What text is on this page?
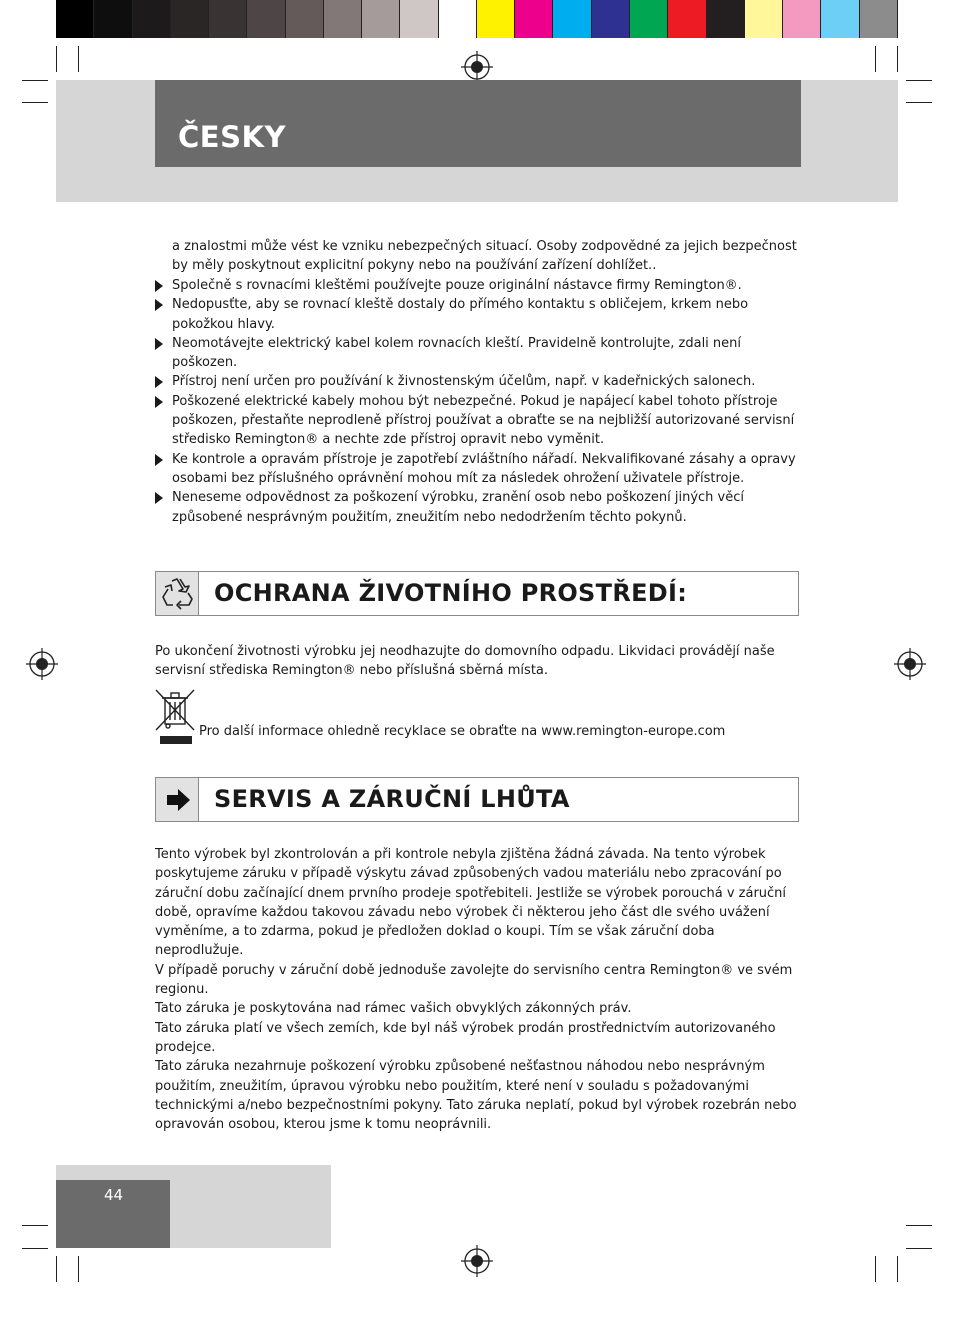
ČESKY

a znalostmi může vést ke vzniku nebezpečných situací. Osoby zodpovědné za jejich bezpečnost by měly poskytnout explicitní pokyny nebo na používání zařízení dohlížet..

Společně s rovnacími kleštěmi používejte pouze originální nástavce firmy Remington®.
Nedopusťte, aby se rovnací kleště dostaly do přímého kontaktu s obličejem, krkem nebo pokožkou hlavy.
Neomotávejte elektrický kabel kolem rovnacích kleští. Pravidelně kontrolujte, zdali není poškozen.
Přístroj není určen pro používání k živnostenským účelům, např. v kadeřnických salonech.
Poškozené elektrické kabely mohou být nebezpečné. Pokud je napájecí kabel tohoto přístroje poškozen, přestaňte neprodleně přístroj používat a obraťte se na nejbližší autorizované servisní středisko Remington® a nechte zde přístroj opravit nebo vyměnit.
Ke kontrole a opravám přístroje je zapotřebí zvláštního nářadí. Nekvalifikované zásahy a opravy osobami bez příslušného oprávnění mohou mít za následek ohrožení uživatele přístroje.
Neneseme odpovědnost za poškození výrobku, zranění osob nebo poškození jiných věcí způsobené nesprávným použitím, zneužitím nebo nedodržením těchto pokynů.
OCHRANA ŽIVOTNÍHO PROSTŘEDÍ:

Po ukončení životnosti výrobku jej neodhazujte do domovního odpadu. Likvidaci provádějí naše servisní střediska Remington® nebo příslušná sběrná místa.

Pro další informace ohledně recyklace se obraťte na www.remington-europe.com

SERVIS A ZÁRUČNÍ LHŮTA

Tento výrobek byl zkontrolován a při kontrole nebyla zjištěna žádná závada. Na tento výrobek poskytujeme záruku v případě výskytu závad způsobených vadou materiálu nebo zpracování po záruční dobu začínající dnem prvního prodeje spotřebiteli. Jestliže se výrobek porouchá v záruční době, opravíme každou takovou závadu nebo výrobek či některou jeho část dle svého uvážení
vyměníme, a to zdarma, pokud je předložen doklad o koupi. Tím se však záruční doba neprodlužuje.
V případě poruchy v záruční době jednoduše zavolejte do servisního centra Remington® ve svém regionu.
Tato záruka je poskytována nad rámec vašich obvyklých zákonných práv.
Tato záruka platí ve všech zemích, kde byl náš výrobek prodán prostřednictvím autorizovaného prodejce.
Tato záruka nezahrnuje poškození výrobku způsobené nešťastnou náhodou nebo nesprávným použitím, zneužitím, úpravou výrobku nebo použitím, které není v souladu s požadovanými technickými a/nebo bezpečnostními pokyny. Tato záruka neplatí, pokud byl výrobek rozebrán nebo opravován osobou, kterou jsme k tomu neoprávnili.

44
